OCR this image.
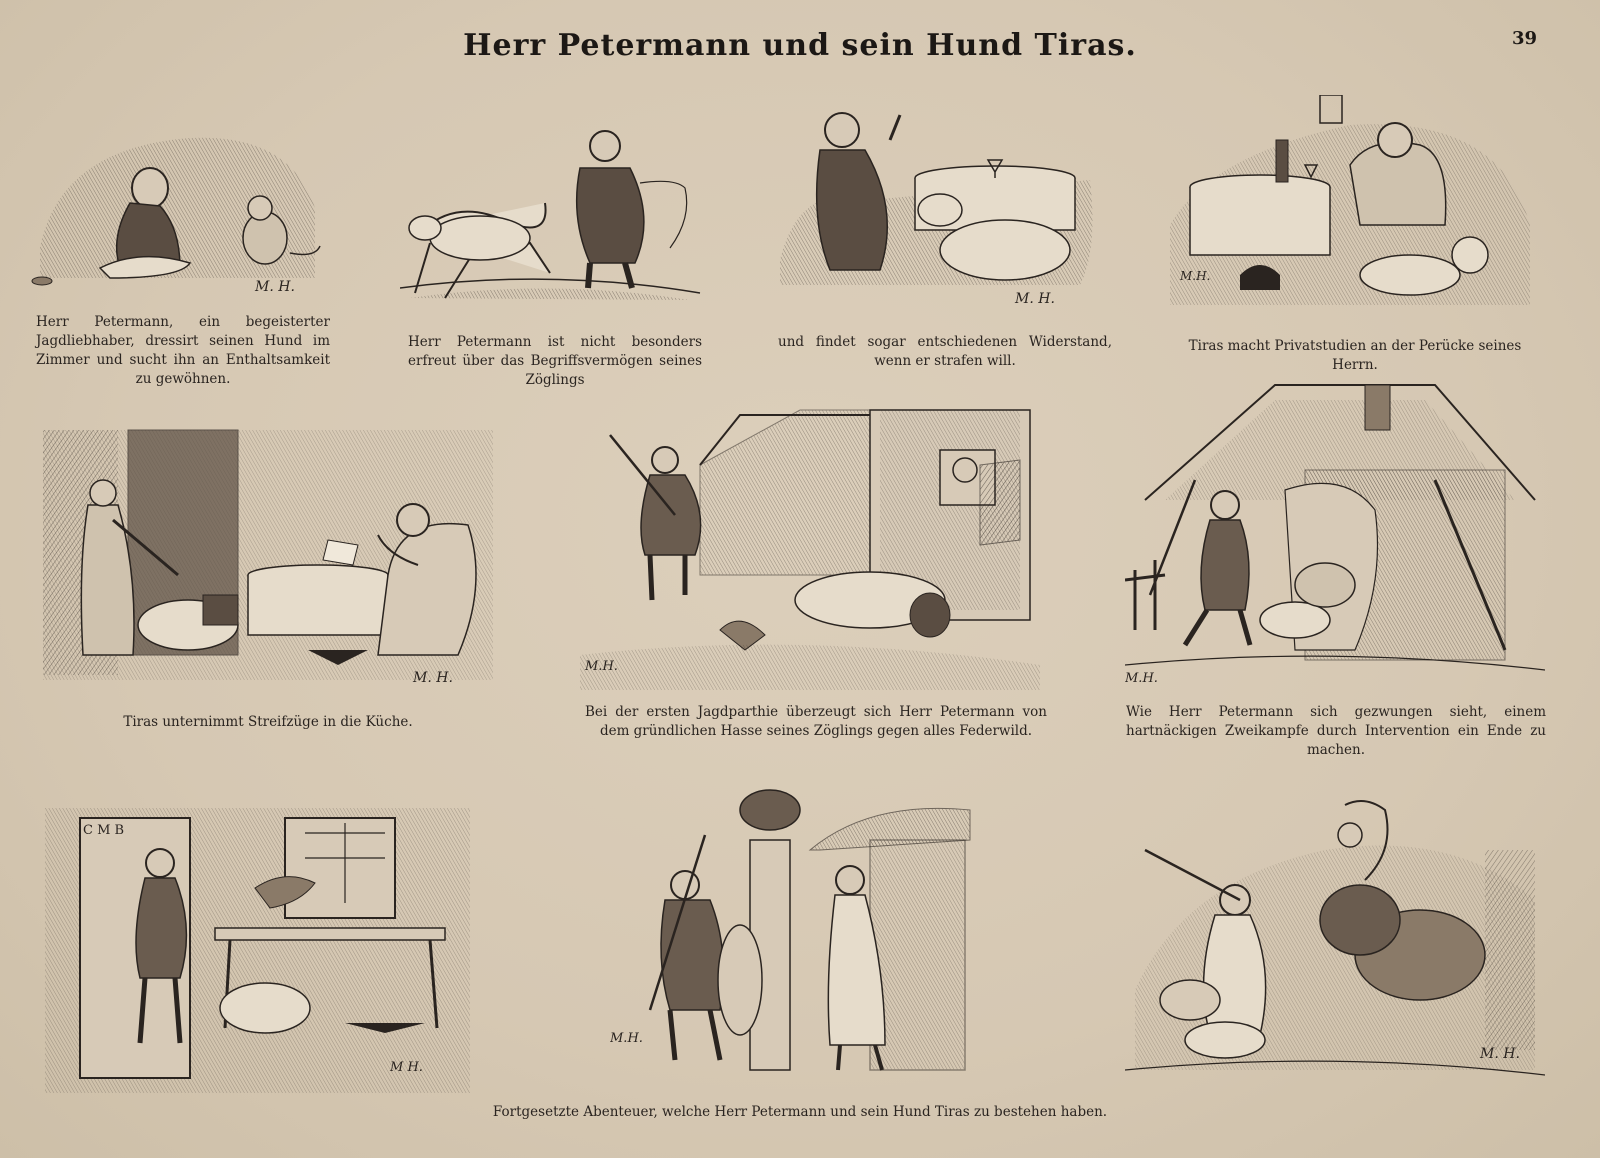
Herr Petermann und sein Hund Tiras.	39
M. H.
Herr Petermann, ein begeisterter Jagdliebhaber, dressirt seinen Hund im Zimmer und sucht ihn an Enthaltsamkeit zu gewöhnen.
Herr Petermann ist nicht besonders erfreut über das Begriffsvermögen seines Zöglings
M. H.
und findet sogar entschiedenen Widerstand, wenn er strafen will.
M.H.
Tiras macht Privatstudien an der Perücke seines Herrn.
M. H.
Tiras unternimmt Streifzüge in die Küche.
M.H.
Bei der ersten Jagdparthie überzeugt sich Herr Petermann von dem gründlichen Hasse seines Zöglings gegen alles Federwild.
M.H.
Wie Herr Petermann sich gezwungen sieht, einem hartnäckigen Zweikampfe durch Intervention ein Ende zu machen.
C M B
M H.
M.H.
M. H.
Fortgesetzte Abenteuer, welche Herr Petermann und sein Hund Tiras zu bestehen haben.
